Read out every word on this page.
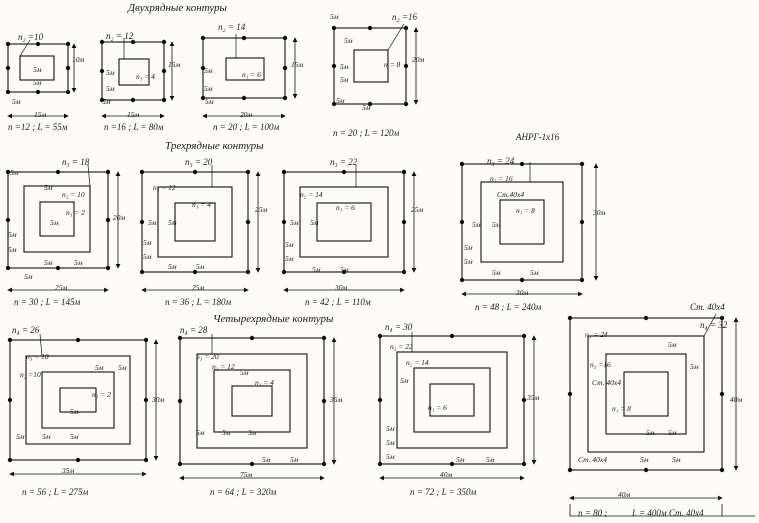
Двухрядные контуры
Трехрядные контуры
Четырехрядные контуры
n₂ =10
5м
5м
10м
5м
15м
n =12 ; L = 55м
n₂ = 12
n₁ = 4
5м
5м
15м
5м
15м
n =16 ; L = 80м
n₂ = 14
n₁ = 6
5м
5м
15м
5м
20м
n = 20 ; L = 100м
5м	n₂ =16
5м
n = 8
5м
5м
20м
5м
5м
n = 20 ; L = 120м
5м
n₃ = 18
5м
n₂ = 10
n₁ = 2
5м
20м
5м
5м
5м	5м
5м
25м
n = 30 ; L = 145м
n₃ = 20
n₂ = 12
n₁ = 4
5м 5м
25м
5м
5м
5м	5м
25м
n = 36 ; L = 180м
n₃ = 22
n₂ = 14
n₁ = 6
5м 5м
25м
5м
5м
5м	5м
30м
n = 42 ; L = 110м
АНРГ-1х16
n₃ = 24
n₂ = 16
Ст.40х4
n₁ = 8
5м 5м
30м
5м
5м
5м	5м
30м
n = 48 ; L = 240м
n₄ = 26
n₃ = 18
n₂ =10
n₁ = 2
5м 5м
5м
30м
5м 5м	5м
35м
n = 56 ; L = 275м
n₄ = 28
n₃ = 20
n₂ = 12
n₁ = 4
5м
35м
5м 5м 5м
5м	5м
75м
n = 64 ; L = 320м
n₄ = 30
n₃ = 22
n₂ = 14
n₁ = 6
5м
35м
5м
5м
5м	5м	5м
40м
n = 72 ; L = 350м
Ст. 40х4
n₄ = 32
n₃ = 24
n₂ =16
Ст. 40х4
n₁ = 8
5м
5м
40м
5м 5м
Ст. 40х4	5м	5м
40м
n = 80 ;	L = 400м Ст. 40х4
